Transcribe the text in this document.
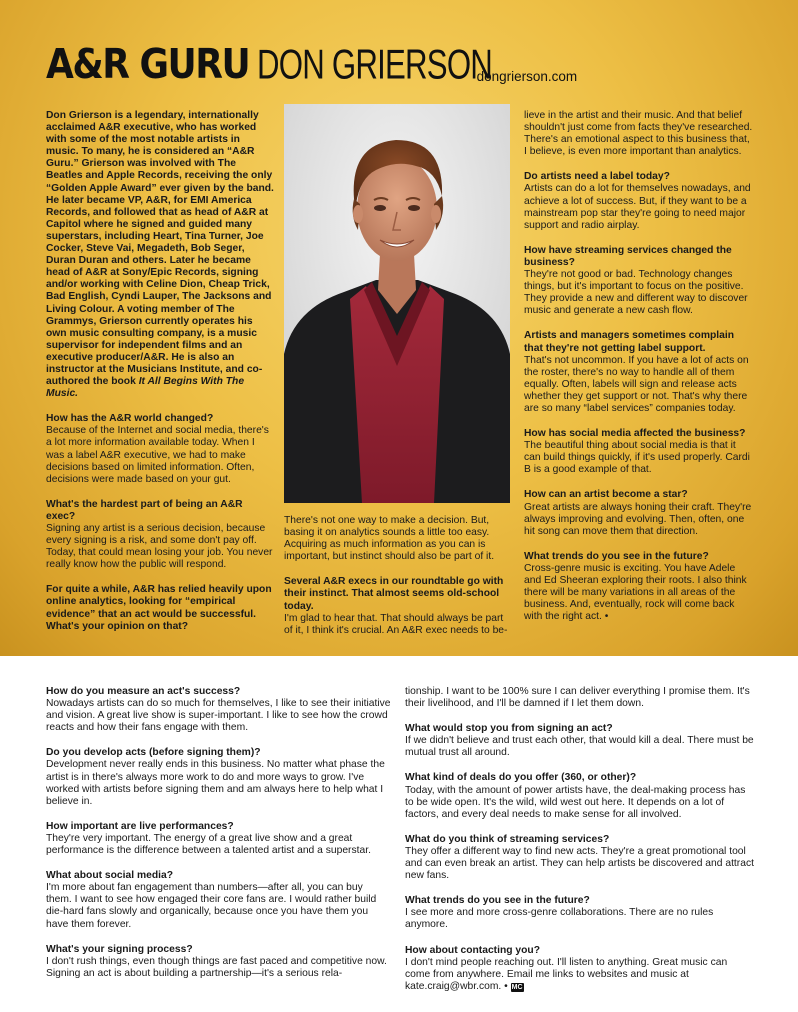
A&R GURU DON GRIERSON
dongrierson.com

Don Grierson is a legendary, internationally acclaimed A&R executive, who has worked with some of the most notable artists in music. To many, he is considered an “A&R Guru.” Grierson was involved with The Beatles and Apple Records, receiving the only “Golden Apple Award” ever given by the band. He later became VP, A&R, for EMI America Records, and followed that as head of A&R at Capitol where he signed and guided many superstars, including Heart, Tina Turner, Joe Cocker, Steve Vai, Megadeth, Bob Seger, Duran Duran and others. Later he became head of A&R at Sony/Epic Records, signing and/or working with Celine Dion, Cheap Trick, Bad English, Cyndi Lauper, The Jacksons and Living Colour. A voting member of The Grammys, Grierson currently operates his own music consulting company, is a music supervisor for independent films and an executive producer/A&R. He is also an instructor at the Musicians Institute, and co-authored the book It All Begins With The Music.

How has the A&R world changed?

Because of the Internet and social media, there's a lot more information available today. When I was a label A&R executive, we had to make decisions based on limited information. Often, decisions were made based on your gut.

What's the hardest part of being an A&R exec?

Signing any artist is a serious decision, because every signing is a risk, and some don't pay off. Today, that could mean losing your job. You never really know how the public will respond.

For quite a while, A&R has relied heavily upon online analytics, looking for “empirical evidence” that an act would be successful. What's your opinion on that?

There's not one way to make a decision. But, basing it on analytics sounds a little too easy. Acquiring as much information as you can is important, but instinct should also be part of it.

Several A&R execs in our roundtable go with their instinct. That almost seems old-school today.

I'm glad to hear that. That should always be part of it, I think it's crucial. An A&R exec needs to be-

lieve in the artist and their music. And that belief shouldn't just come from facts they've researched. There's an emotional aspect to this business that, I believe, is even more important than analytics.

Do artists need a label today?

Artists can do a lot for themselves nowadays, and achieve a lot of success. But, if they want to be a mainstream pop star they're going to need major support and radio airplay.

How have streaming services changed the business?

They're not good or bad. Technology changes things, but it's important to focus on the positive. They provide a new and different way to discover music and generate a new cash flow.

Artists and managers sometimes complain that they're not getting label support.

That's not uncommon. If you have a lot of acts on the roster, there's no way to handle all of them equally. Often, labels will sign and release acts whether they get support or not. That's why there are so many “label services” companies today.

How has social media affected the business?

The beautiful thing about social media is that it can build things quickly, if it's used properly. Cardi B is a good example of that.

How can an artist become a star?

Great artists are always honing their craft. They're always improving and evolving. Then, often, one hit song can move them that direction.

What trends do you see in the future?

Cross-genre music is exciting. You have Adele and Ed Sheeran exploring their roots. I also think there will be many variations in all areas of the business. And, eventually, rock will come back with the right act. •

How do you measure an act's success?

Nowadays artists can do so much for themselves, I like to see their initiative and vision. A great live show is super-important. I like to see how the crowd reacts and how their fans engage with them.

Do you develop acts (before signing them)?

Development never really ends in this business. No matter what phase the artist is in there's always more work to do and more ways to grow. I've worked with artists before signing them and am always here to help what I believe in.

How important are live performances?

They're very important. The energy of a great live show and a great performance is the difference between a talented artist and a superstar.

What about social media?

I'm more about fan engagement than numbers—after all, you can buy them. I want to see how engaged their core fans are. I would rather build die-hard fans slowly and organically, because once you have them you have them forever.

What's your signing process?

I don't rush things, even though things are fast paced and competitive now. Signing an act is about building a partnership—it's a serious rela-

tionship. I want to be 100% sure I can deliver everything I promise them. It's their livelihood, and I'll be damned if I let them down.

What would stop you from signing an act?

If we didn't believe and trust each other, that would kill a deal. There must be mutual trust all around.

What kind of deals do you offer (360, or other)?

Today, with the amount of power artists have, the deal-making process has to be wide open. It's the wild, wild west out here. It depends on a lot of factors, and every deal needs to make sense for all involved.

What do you think of streaming services?

They offer a different way to find new acts. They're a great promotional tool and can even break an artist. They can help artists be discovered and attract new fans.

What trends do you see in the future?

I see more and more cross-genre collaborations. There are no rules anymore.

How about contacting you?

I don't mind people reaching out. I'll listen to anything. Great music can come from anywhere. Email me links to websites and music at kate.craig@wbr.com. • MC
